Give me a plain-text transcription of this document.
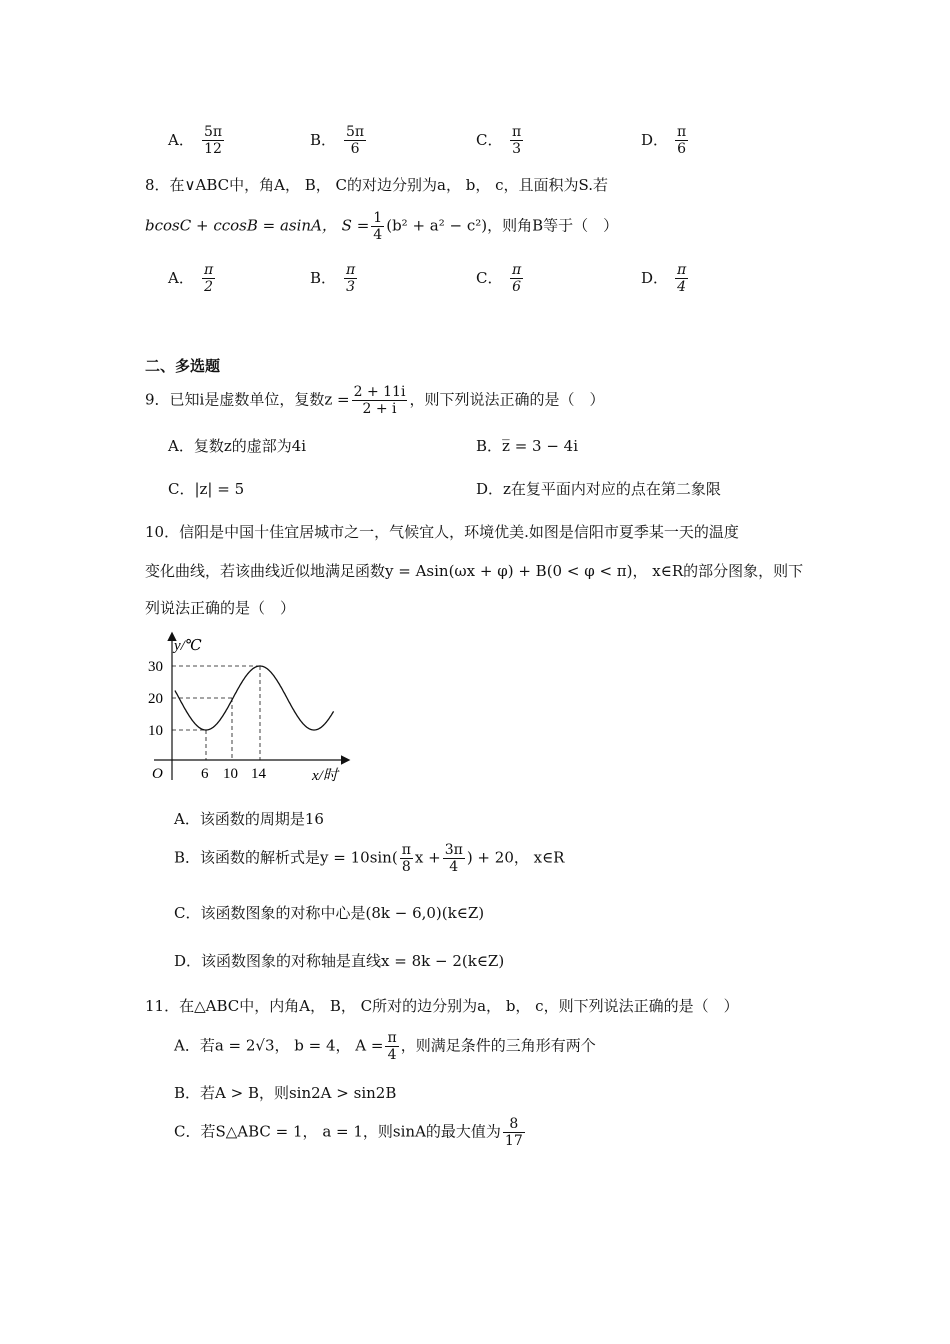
A． $\frac{5\pi}{12}$	B． $\frac{5\pi}{6}$	C． $\frac{\pi}{3}$	D． $\frac{\pi}{6}$
8．在∨ABC中，角A， B， C的对边分别为a， b， c，且面积为S.若
bcosC + ccosB = asinA， $S = \frac{1}{4} (b^2 + a^2 - c^2)$，则角B等于（　）
A． $\frac{\pi}{2}$	B． $\frac{\pi}{3}$	C． $\frac{\pi}{6}$	D． $\frac{\pi}{4}$
二、多选题
9．已知i是虚数单位，复数$z = \frac{2 + 11i}{2 + i}$ ，则下列说法正确的是（　）
A．复数z的虚部为4i	B．z̅ = 3 − 4i
C．|z| = 5	D．z在复平面内对应的点在第二象限
10．信阳是中国十佳宜居城市之一，气候宜人，环境优美.如图是信阳市夏季某一天的温度
变化曲线，若该曲线近似地满足函数y = Asin(ωx + φ) + B(0 < φ < π)， x∈R的部分图象，则下
列说法正确的是（　）
y/℃
30
20
10
O	6 10 14	x/时
A．该函数的周期是16
B．该函数的解析式是$y = 10\sin( \frac{\pi}{8}$ $x + \frac{3\pi}{4}$ ) + 20， x∈R
C．该函数图象的对称中心是(8k − 6,0)(k∈Z)
D．该函数图象的对称轴是直线x = 8k − 2(k∈Z)
11．在△ABC中，内角A， B， C所对的边分别为a， b， c，则下列说法正确的是（　）
A．若a = 2√3， b = 4， $A = \frac{\pi}{4}$ ，则满足条件的三角形有两个
B．若A > B，则sin2A > sin2B
C．若S△ABC = 1， a = 1，则sinA的最大值为 $\frac{8}{17}$
